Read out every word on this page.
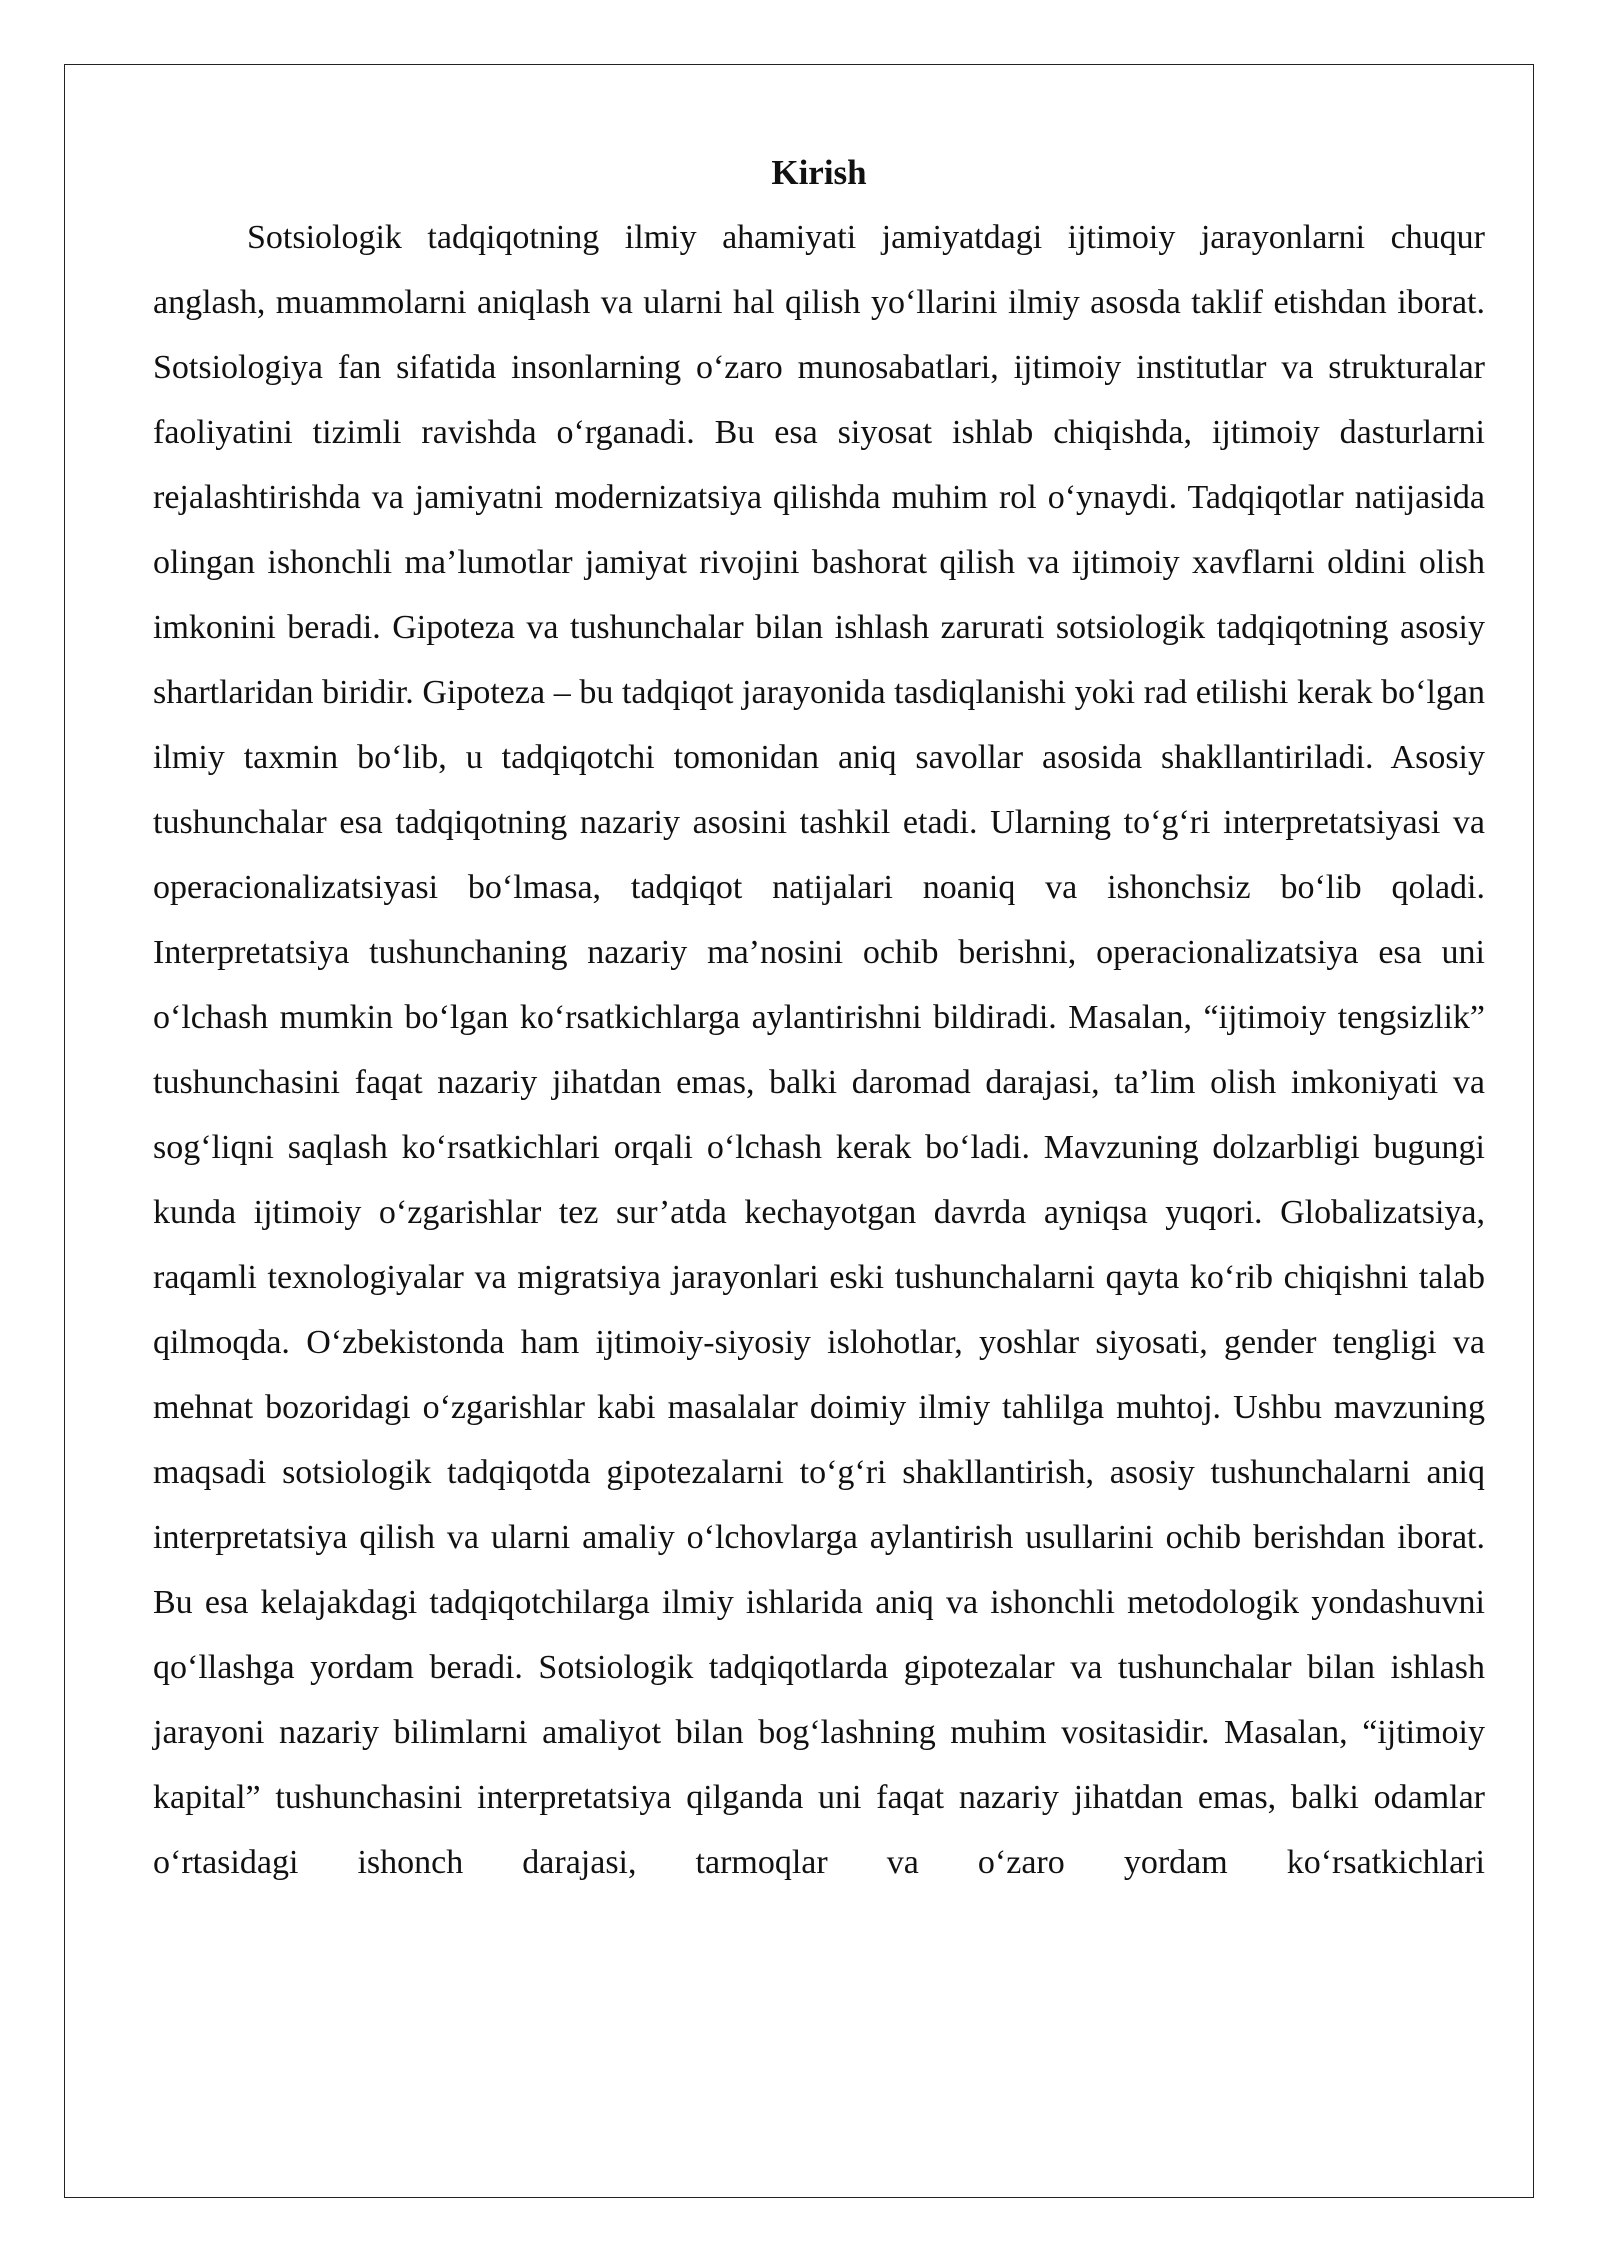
Kirish

Sotsiologik tadqiqotning ilmiy ahamiyati jamiyatdagi ijtimoiy jarayonlarni chuqur anglash, muammolarni aniqlash va ularni hal qilish yo‘llarini ilmiy asosda taklif etishdan iborat. Sotsiologiya fan sifatida insonlarning o‘zaro munosabatlari, ijtimoiy institutlar va strukturalar faoliyatini tizimli ravishda o‘rganadi. Bu esa siyosat ishlab chiqishda, ijtimoiy dasturlarni rejalashtirishda va jamiyatni modernizatsiya qilishda muhim rol o‘ynaydi. Tadqiqotlar natijasida olingan ishonchli ma’lumotlar jamiyat rivojini bashorat qilish va ijtimoiy xavflarni oldini olish imkonini beradi. Gipoteza va tushunchalar bilan ishlash zarurati sotsiologik tadqiqotning asosiy shartlaridan biridir. Gipoteza – bu tadqiqot jarayonida tasdiqlanishi yoki rad etilishi kerak bo‘lgan ilmiy taxmin bo‘lib, u tadqiqotchi tomonidan aniq savollar asosida shakllantiriladi. Asosiy tushunchalar esa tadqiqotning nazariy asosini tashkil etadi. Ularning to‘g‘ri interpretatsiyasi va operacionalizatsiyasi bo‘lmasa, tadqiqot natijalari noaniq va ishonchsiz bo‘lib qoladi. Interpretatsiya tushunchaning nazariy ma’nosini ochib berishni, operacionalizatsiya esa uni o‘lchash mumkin bo‘lgan ko‘rsatkichlarga aylantirishni bildiradi. Masalan, “ijtimoiy tengsizlik” tushunchasini faqat nazariy jihatdan emas, balki daromad darajasi, ta’lim olish imkoniyati va sog‘liqni saqlash ko‘rsatkichlari orqali o‘lchash kerak bo‘ladi. Mavzuning dolzarbligi bugungi kunda ijtimoiy o‘zgarishlar tez sur’atda kechayotgan davrda ayniqsa yuqori. Globalizatsiya, raqamli texnologiyalar va migratsiya jarayonlari eski tushunchalarni qayta ko‘rib chiqishni talab qilmoqda. O‘zbekistonda ham ijtimoiy-siyosiy islohotlar, yoshlar siyosati, gender tengligi va mehnat bozoridagi o‘zgarishlar kabi masalalar doimiy ilmiy tahlilga muhtoj. Ushbu mavzuning maqsadi sotsiologik tadqiqotda gipotezalarni to‘g‘ri shakllantirish, asosiy tushunchalarni aniq interpretatsiya qilish va ularni amaliy o‘lchovlarga aylantirish usullarini ochib berishdan iborat. Bu esa kelajakdagi tadqiqotchilarga ilmiy ishlarida aniq va ishonchli metodologik yondashuvni qo‘llashga yordam beradi. Sotsiologik tadqiqotlarda gipotezalar va tushunchalar bilan ishlash jarayoni nazariy bilimlarni amaliyot bilan bog‘lashning muhim vositasidir. Masalan, “ijtimoiy kapital” tushunchasini interpretatsiya qilganda uni faqat nazariy jihatdan emas, balki odamlar o‘rtasidagi ishonch darajasi, tarmoqlar va o‘zaro yordam ko‘rsatkichlari
